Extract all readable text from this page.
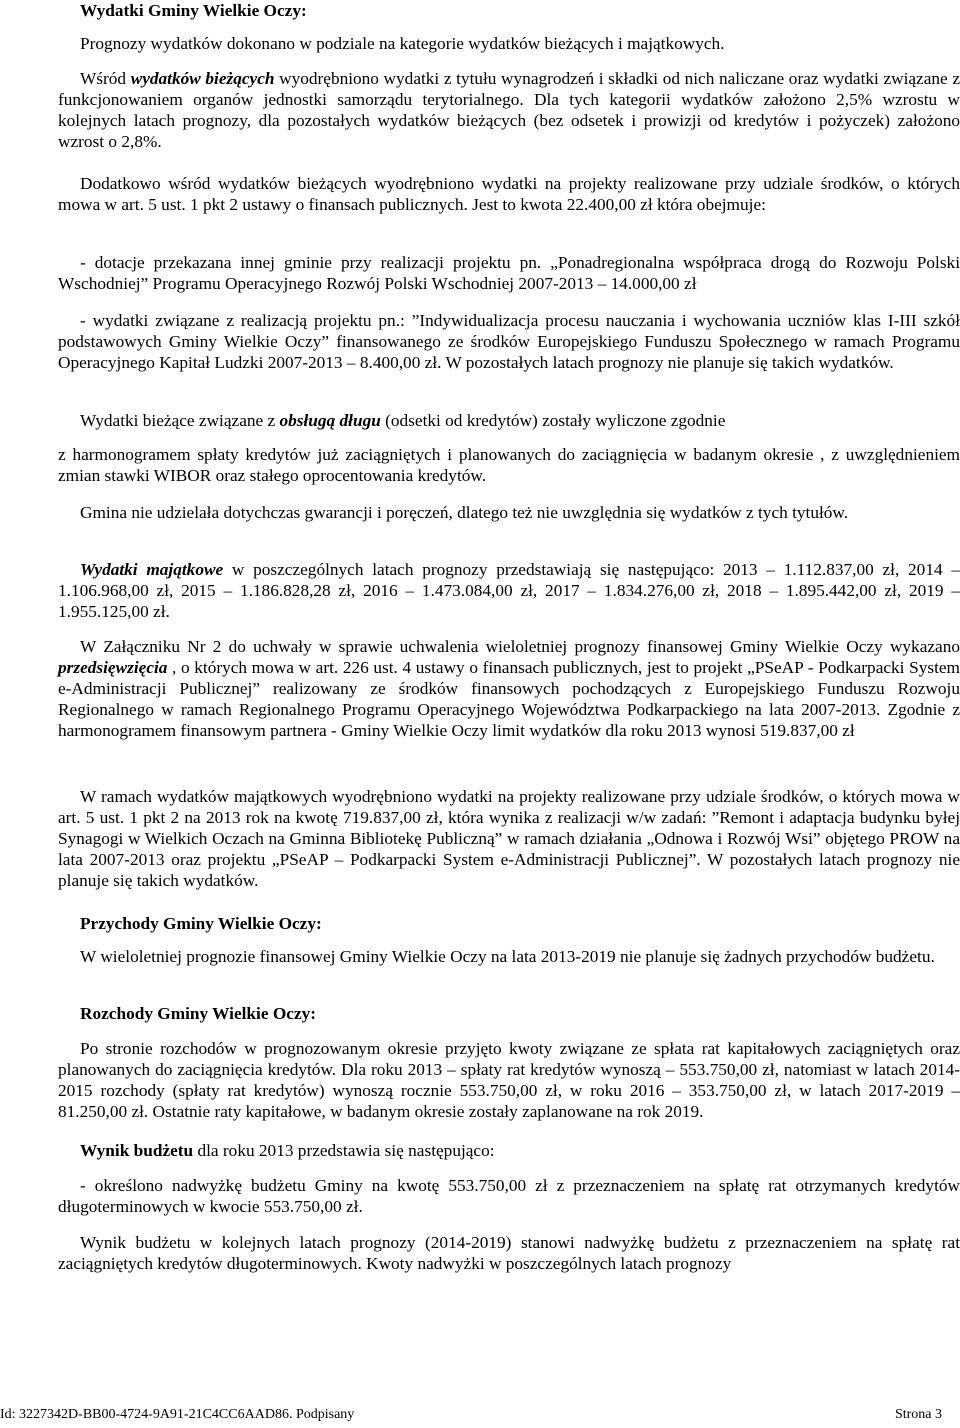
Wydatki Gminy Wielkie Oczy:

Prognozy wydatków dokonano w podziale na kategorie wydatków bieżących i majątkowych.

Wśród wydatków bieżących wyodrębniono wydatki z tytułu wynagrodzeń i składki od nich naliczane oraz wydatki związane z funkcjonowaniem organów jednostki samorządu terytorialnego. Dla tych kategorii wydatków założono 2,5% wzrostu w kolejnych latach prognozy, dla pozostałych wydatków bieżących (bez odsetek i prowizji od kredytów i pożyczek) założono wzrost o 2,8%.

Dodatkowo wśród wydatków bieżących wyodrębniono wydatki na projekty realizowane przy udziale środków, o których mowa w art. 5 ust. 1 pkt 2 ustawy o finansach publicznych. Jest to kwota 22.400,00 zł która obejmuje:

- dotacje przekazana innej gminie przy realizacji projektu pn. „Ponadregionalna współpraca drogą do Rozwoju Polski Wschodniej” Programu Operacyjnego Rozwój Polski Wschodniej 2007-2013 – 14.000,00 zł

- wydatki związane z realizacją projektu pn.: ”Indywidualizacja procesu nauczania i wychowania uczniów klas I-III szkół podstawowych Gminy Wielkie Oczy” finansowanego ze środków Europejskiego Funduszu Społecznego w ramach Programu Operacyjnego Kapitał Ludzki 2007-2013 – 8.400,00 zł. W pozostałych latach prognozy nie planuje się takich wydatków.

Wydatki bieżące związane z obsługą długu (odsetki od kredytów) zostały wyliczone zgodnie

z harmonogramem spłaty kredytów już zaciągniętych i planowanych do zaciągnięcia w badanym okresie , z uwzględnieniem zmian stawki WIBOR oraz stałego oprocentowania kredytów.

Gmina nie udzielała dotychczas gwarancji i poręczeń, dlatego też nie uwzględnia się wydatków z tych tytułów.

Wydatki majątkowe w poszczególnych latach prognozy przedstawiają się następująco: 2013 – 1.112.837,00 zł, 2014 – 1.106.968,00 zł, 2015 – 1.186.828,28 zł, 2016 – 1.473.084,00 zł, 2017 – 1.834.276,00 zł, 2018 – 1.895.442,00 zł, 2019 – 1.955.125,00 zł.

W Załączniku Nr 2 do uchwały w sprawie uchwalenia wieloletniej prognozy finansowej Gminy Wielkie Oczy wykazano przedsięwzięcia , o których mowa w art. 226 ust. 4 ustawy o finansach publicznych, jest to projekt „PSeAP - Podkarpacki System e-Administracji Publicznej” realizowany ze środków finansowych pochodzących z Europejskiego Funduszu Rozwoju Regionalnego w ramach Regionalnego Programu Operacyjnego Województwa Podkarpackiego na lata 2007-2013. Zgodnie z harmonogramem finansowym partnera - Gminy Wielkie Oczy limit wydatków dla roku 2013 wynosi 519.837,00 zł

W ramach wydatków majątkowych wyodrębniono wydatki na projekty realizowane przy udziale środków, o których mowa w art. 5 ust. 1 pkt 2 na 2013 rok na kwotę 719.837,00 zł, która wynika z realizacji w/w zadań: ”Remont i adaptacja budynku byłej Synagogi w Wielkich Oczach na Gminna Bibliotekę Publiczną” w ramach działania „Odnowa i Rozwój Wsi” objętego PROW na lata 2007-2013 oraz projektu „PSeAP – Podkarpacki System e-Administracji Publicznej”. W pozostałych latach prognozy nie planuje się takich wydatków.

Przychody Gminy Wielkie Oczy:

W wieloletniej prognozie finansowej Gminy Wielkie Oczy na lata 2013-2019 nie planuje się żadnych przychodów budżetu.

Rozchody Gminy Wielkie Oczy:

Po stronie rozchodów w prognozowanym okresie przyjęto kwoty związane ze spłata rat kapitałowych zaciągniętych oraz planowanych do zaciągnięcia kredytów. Dla roku 2013 – spłaty rat kredytów wynoszą – 553.750,00 zł, natomiast w latach 2014-2015 rozchody (spłaty rat kredytów) wynoszą rocznie 553.750,00 zł, w roku 2016 – 353.750,00 zł, w latach 2017-2019 – 81.250,00 zł. Ostatnie raty kapitałowe, w badanym okresie zostały zaplanowane na rok 2019.

Wynik budżetu dla roku 2013 przedstawia się następująco:

- określono nadwyżkę budżetu Gminy na kwotę 553.750,00 zł z przeznaczeniem na spłatę rat otrzymanych kredytów długoterminowych w kwocie 553.750,00 zł.

Wynik budżetu w kolejnych latach prognozy (2014-2019) stanowi nadwyżkę budżetu z przeznaczeniem na spłatę rat zaciągniętych kredytów długoterminowych. Kwoty nadwyżki w poszczególnych latach prognozy

Id: 3227342D-BB00-4724-9A91-21C4CC6AAD86. Podpisany	Strona 3
